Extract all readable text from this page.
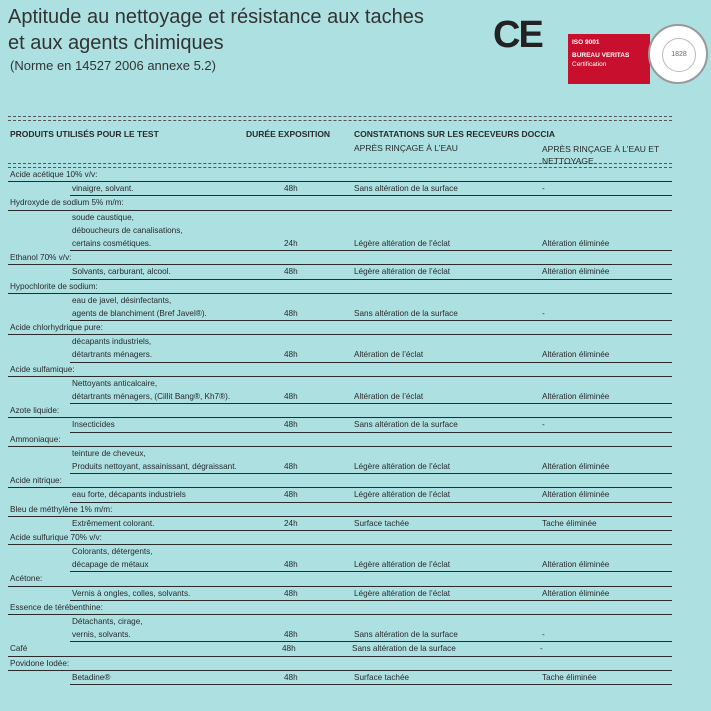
Aptitude au nettoyage et résistance aux taches
et aux agents chimiques
(Norme en 14527 2006 annexe 5.2)
CE	ISO 9001
BUREAU VERITAS
Certification
1828
PRODUITS UTILISÉS POUR LE TEST	DURÉE EXPOSITION	CONSTATATIONS SUR LES RECEVEURS DOCCIA
APRÈS RINÇAGE À L’EAU	APRÈS RINÇAGE À L’EAU ET NETTOYAGE
Acide acétique 10% v/v:
vinaigre, solvant.	48h	Sans altération de la surface	-
Hydroxyde de sodium 5% m/m:
soude caustique,
déboucheurs de canalisations,
certains cosmétiques.	24h	Légère altération de l’éclat	Altération éliminée
Ethanol 70% v/v:
Solvants, carburant, alcool.	48h	Légère altération de l’éclat	Altération éliminée
Hypochlorite de sodium:
eau de javel, désinfectants,
agents de blanchiment (Bref Javel®).	48h	Sans altération de la surface	-
Acide chlorhydrique pure:
décapants industriels,
détartrants ménagers.	48h	Altération de l’éclat	Altération éliminée
Acide sulfamique:
Nettoyants anticalcaire,
détartrants ménagers, (Cillit Bang®, Kh7®).	48h	Altération de l’éclat	Altération éliminée
Azote liquide:
Insecticides	48h	Sans altération de la surface	-
Ammoniaque:
teinture de cheveux,
Produits nettoyant, assainissant, dégraissant.	48h	Légère altération de l’éclat	Altération éliminée
Acide nitrique:
eau forte, décapants industriels	48h	Légère altération de l’éclat	Altération éliminée
Bleu de méthylène 1% m/m:
Extrêmement colorant.	24h	Surface tachée	Tache éliminée
Acide sulfurique 70% v/v:
Colorants, détergents,
décapage de métaux	48h	Légère altération de l’éclat	Altération éliminée
Acétone:
Vernis à ongles, colles, solvants.	48h	Légère altération de l’éclat	Altération éliminée
Essence de térébenthine:
Détachants, cirage,
vernis, solvants.	48h	Sans altération de la surface	-
Café	48h	Sans altération de la surface	-
Povidone Iodée:
Betadine®	48h	Surface tachée	Tache éliminée
